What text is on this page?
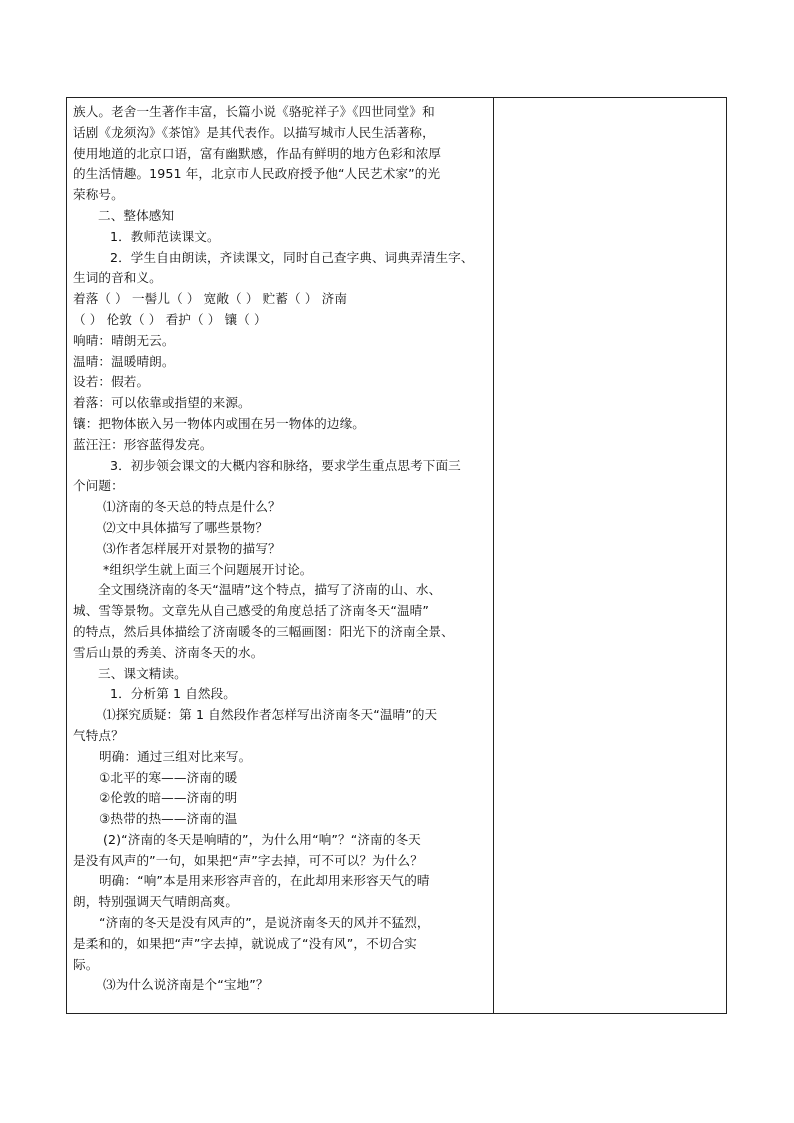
族人。老舍一生著作丰富，长篇小说《骆驼祥子》《四世同堂》和
话剧《龙须沟》《茶馆》是其代表作。以描写城市人民生活著称，
使用地道的北京口语，富有幽默感，作品有鲜明的地方色彩和浓厚
的生活情趣。1951 年，北京市人民政府授予他“人民艺术家”的光
荣称号。
二、整体感知
1．教师范读课文。
2．学生自由朗读，齐读课文，同时自己查字典、词典弄清生字、
生词的音和义。
着落（ ） 一髻儿（ ） 宽敞（ ） 贮蓄（ ） 济南
（ ） 伦敦（ ） 看护（ ） 镶（ ）
响晴：晴朗无云。
温晴：温暖晴朗。
设若：假若。
着落：可以依靠或指望的来源。
镶：把物体嵌入另一物体内或围在另一物体的边缘。
蓝汪汪：形容蓝得发亮。
3．初步领会课文的大概内容和脉络，要求学生重点思考下面三
个问题：
⑴济南的冬天总的特点是什么？
⑵文中具体描写了哪些景物？
⑶作者怎样展开对景物的描写？
*组织学生就上面三个问题展开讨论。
全文围绕济南的冬天“温晴”这个特点，描写了济南的山、水、
城、雪等景物。文章先从自己感受的角度总括了济南冬天“温晴”
的特点，然后具体描绘了济南暖冬的三幅画图：阳光下的济南全景、
雪后山景的秀美、济南冬天的水。
三、课文精读。
1．分析第 1 自然段。
⑴探究质疑：第 1 自然段作者怎样写出济南冬天“温晴”的天
气特点？
明确：通过三组对比来写。
①北平的寒——济南的暖
②伦敦的暗——济南的明
③热带的热——济南的温
(2)“济南的冬天是响晴的”，为什么用“响”？“济南的冬天
是没有风声的”一句，如果把“声”字去掉，可不可以？为什么？
明确：“响”本是用来形容声音的，在此却用来形容天气的晴
朗，特别强调天气晴朗高爽。
“济南的冬天是没有风声的”，是说济南冬天的风并不猛烈，
是柔和的，如果把“声”字去掉，就说成了“没有风”，不切合实
际。
⑶为什么说济南是个“宝地”？
